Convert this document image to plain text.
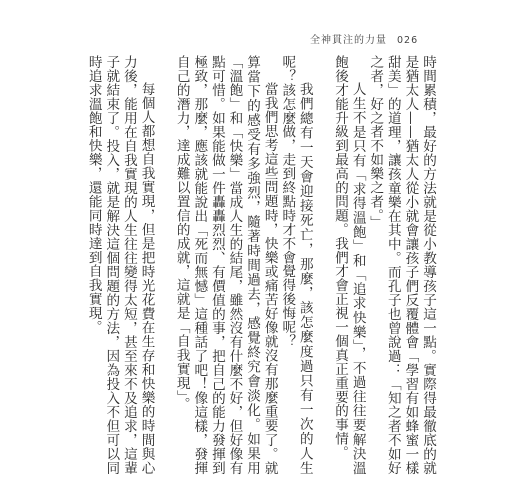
全神貫注的力量 026

時間累積，最好的方法就是從小教導孩子這一點。實際得最徹底的就是猶太人——猶太人從小就會讓孩子們反覆體會「學習有如蜂蜜一樣甜美」的道理，讓孩童樂在其中。而孔子也曾說過：「知之者不如好之者，好之者不如樂之者。」

人生不是只有「求得溫飽」和「追求快樂」，不過往往要解決溫飽後才能升級到最高的問題。我們才會正視一個真正重要的事情。

我們總有一天會迎接死亡，那麼，該怎麼度過只有一次的人生呢？該怎麼做，走到終點時才不會覺得後悔呢？

當我們思考這些問題時，快樂或痛苦好像就沒有那麼重要了。就算當下的感受有多強烈，隨著時間過去，感覺終究會淡化。如果用「溫飽」和「快樂」當成人生的結尾，雖然沒有什麼不好，但好像有點可惜。如果能做一件轟轟烈烈、有價值的事，把自己的能力發揮到極致，那麼，應該就能說出「死而無憾」這種話了吧！像這樣，發揮自己的潛力，達成難以置信的成就，這就是「自我實現」。

每個人都想自我實現，但是把時光花費在生存和快樂的時間與心力後，能用在自我實現的人生往往變得太短，甚至來不及追求，這輩子就結束了。投入，就是解決這個問題的方法，因為投入不但可以同時追求溫飽和快樂，還能同時達到自我實現。
